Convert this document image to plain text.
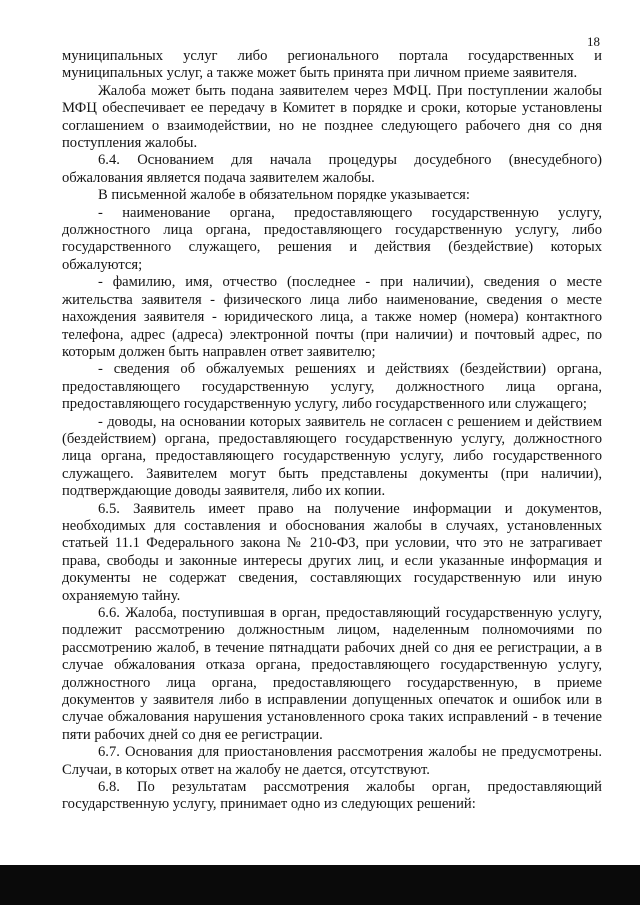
18

муниципальных услуг либо регионального портала государственных и муниципальных услуг, а также может быть принята при личном приеме заявителя.

Жалоба может быть подана заявителем через МФЦ. При поступлении жалобы МФЦ обеспечивает ее передачу в Комитет в порядке и сроки, которые установлены соглашением о взаимодействии, но не позднее следующего рабочего дня со дня поступления жалобы.

6.4. Основанием для начала процедуры досудебного (внесудебного) обжалования является подача заявителем жалобы.

В письменной жалобе в обязательном порядке указывается:

- наименование органа, предоставляющего государственную услугу, должностного лица органа, предоставляющего государственную услугу, либо государственного служащего, решения и действия (бездействие) которых обжалуются;

- фамилию, имя, отчество (последнее - при наличии), сведения о месте жительства заявителя - физического лица либо наименование, сведения о месте нахождения заявителя - юридического лица, а также номер (номера) контактного телефона, адрес (адреса) электронной почты (при наличии) и почтовый адрес, по которым должен быть направлен ответ заявителю;

- сведения об обжалуемых решениях и действиях (бездействии) органа, предоставляющего государственную услугу, должностного лица органа, предоставляющего государственную услугу, либо государственного или служащего;

- доводы, на основании которых заявитель не согласен с решением и действием (бездействием) органа, предоставляющего государственную услугу, должностного лица органа, предоставляющего государственную услугу, либо государственного служащего. Заявителем могут быть представлены документы (при наличии), подтверждающие доводы заявителя, либо их копии.

6.5. Заявитель имеет право на получение информации и документов, необходимых для составления и обоснования жалобы в случаях, установленных статьей 11.1 Федерального закона № 210-ФЗ, при условии, что это не затрагивает права, свободы и законные интересы других лиц, и если указанные информация и документы не содержат сведения, составляющих государственную или иную охраняемую тайну.

6.6. Жалоба, поступившая в орган, предоставляющий государственную услугу, подлежит рассмотрению должностным лицом, наделенным полномочиями по рассмотрению жалоб, в течение пятнадцати рабочих дней со дня ее регистрации, а в случае обжалования отказа органа, предоставляющего государственную услугу, должностного лица органа, предоставляющего государственную, в приеме документов у заявителя либо в исправлении допущенных опечаток и ошибок или в случае обжалования нарушения установленного срока таких исправлений - в течение пяти рабочих дней со дня ее регистрации.

6.7. Основания для приостановления рассмотрения жалобы не предусмотрены. Случаи, в которых ответ на жалобу не дается, отсутствуют.

6.8. По результатам рассмотрения жалобы орган, предоставляющий государственную услугу, принимает одно из следующих решений:
